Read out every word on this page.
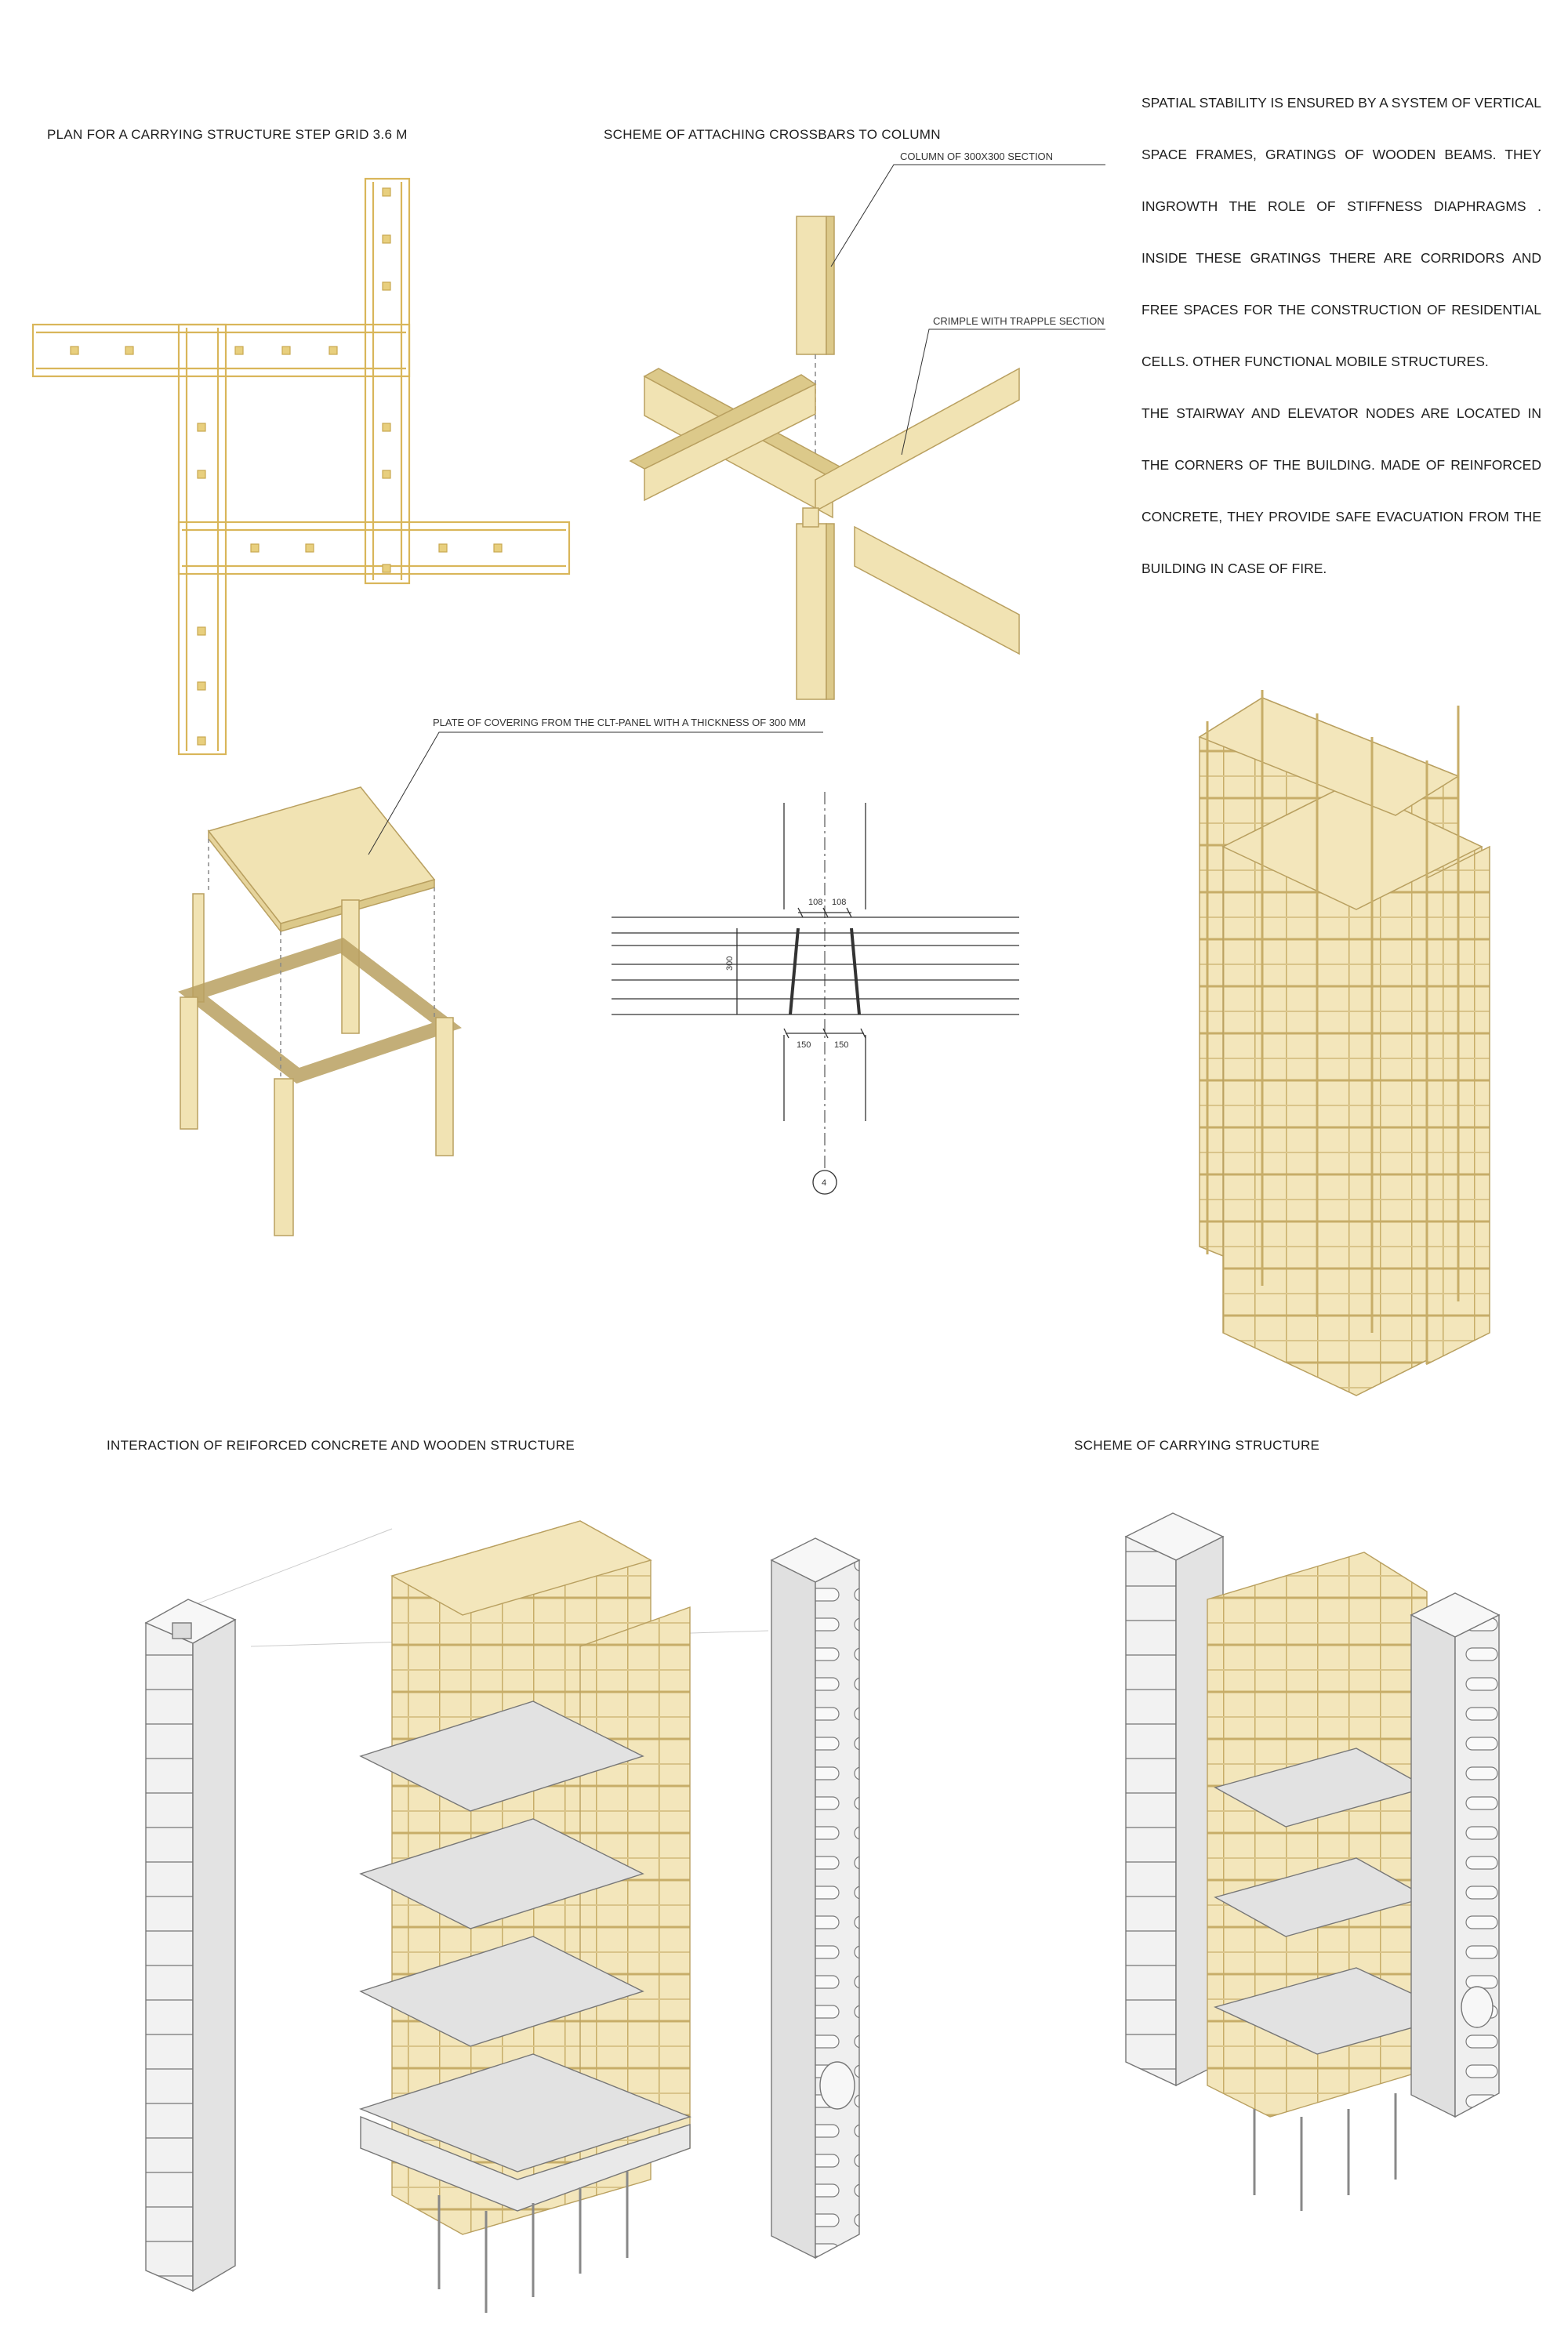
PLAN FOR A CARRYING STRUCTURE STEP GRID 3.6 M	SCHEME OF ATTACHING CROSSBARS TO COLUMN
INTERACTION OF REIFORCED CONCRETE AND WOODEN STRUCTURE	SCHEME OF CARRYING STRUCTURE

SPATIAL STABILITY IS ENSURED BY A SYSTEM OF VERTICAL SPACE FRAMES, GRATINGS OF WOODEN BEAMS. THEY INGROWTH THE ROLE OF STIFFNESS DIAPHRAGMS . INSIDE THESE GRATINGS THERE ARE CORRIDORS AND FREE SPACES FOR THE CONSTRUCTION OF RESIDENTIAL CELLS. OTHER FUNCTIONAL MOBILE STRUCTURES.

THE STAIRWAY AND ELEVATOR NODES ARE LOCATED IN THE CORNERS OF THE BUILDING. MADE OF REINFORCED CONCRETE, THEY PROVIDE SAFE EVACUATION FROM THE BUILDING IN CASE OF FIRE.

COLUMN OF 300X300 SECTION
CRIMPLE WITH TRAPPLE SECTION
PLATE OF COVERING FROM THE CLT-PANEL WITH A THICKNESS OF 300 MM
108 108
300
150	150
4
